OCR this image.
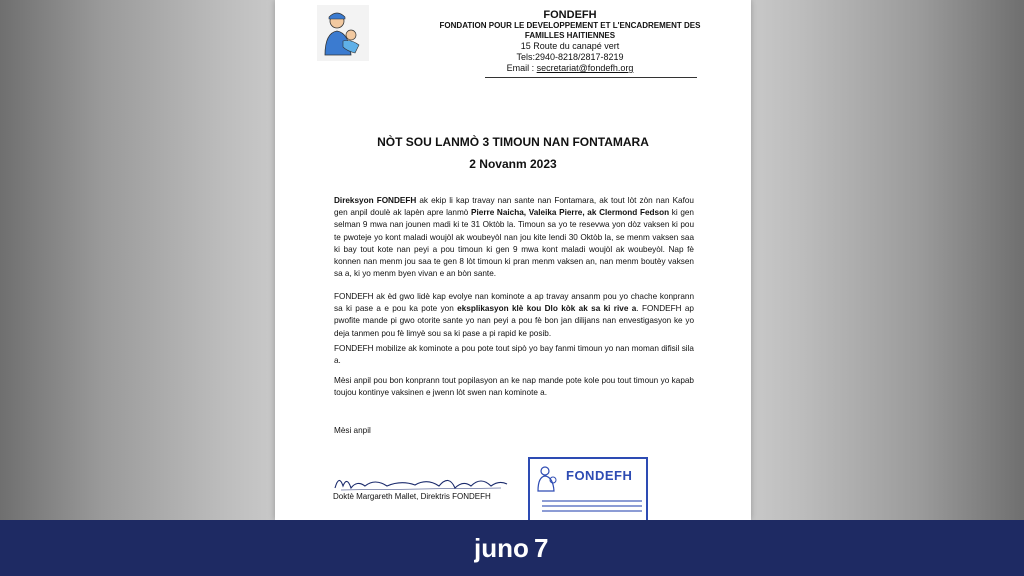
FONDEFH
FONDATION POUR LE DEVELOPPEMENT ET L'ENCADREMENT DES
FAMILLES HAITIENNES
15 Route du canapé vert
Tels:2940-8218/2817-8219
Email : secretariat@fondefh.org
NÒT SOU LANMÒ 3 TIMOUN NAN FONTAMARA
2 Novanm 2023
Direksyon FONDEFH ak ekip li kap travay nan sante nan Fontamara, ak tout lòt zòn nan Kafou gen anpil doulè ak lapèn apre lanmò Pierre Naicha, Valeika Pierre, ak Clermond Fedson ki gen selman 9 mwa nan jounen madi ki te 31 Oktòb la. Timoun sa yo te resevwa yon dòz vaksen ki pou te pwoteje yo kont maladi woujòl ak woubeyòl nan jou kite lendi 30 Oktòb la, se menm vaksen saa ki bay tout kote nan peyi a pou timoun ki gen 9 mwa kont maladi woujòl ak woubeyòl. Nap fè konnen nan menm jou saa te gen 8 lòt timoun ki pran menm vaksen an, nan menm boutèy vaksen sa a, ki yo menm byen vivan e an bòn sante.
FONDEFH ak èd gwo lidè kap evolye nan kominote a ap travay ansanm pou yo chache konprann sa ki pase a e pou ka pote yon eksplikasyon klè kou Dlo kòk ak sa ki rive a. FONDEFH ap pwofite mande pi gwo otorite sante yo nan peyi a pou fè bon jan dilijans nan envestigasyon ke yo deja tanmen pou fè limyè sou sa ki pase a pi rapid ke posib.
FONDEFH mobilize ak kominote a pou pote tout sipò yo bay fanmi timoun yo nan moman difisil sila a.
Mèsi anpil pou bon konprann tout popilasyon an ke nap mande pote kole pou tout timoun yo kapab toujou kontinye vaksinen e jwenn lòt swen nan kominote a.
Mèsi anpil
Doktè Margareth Mallet, Direktris FONDEFH
FONDEFH
juno 7
